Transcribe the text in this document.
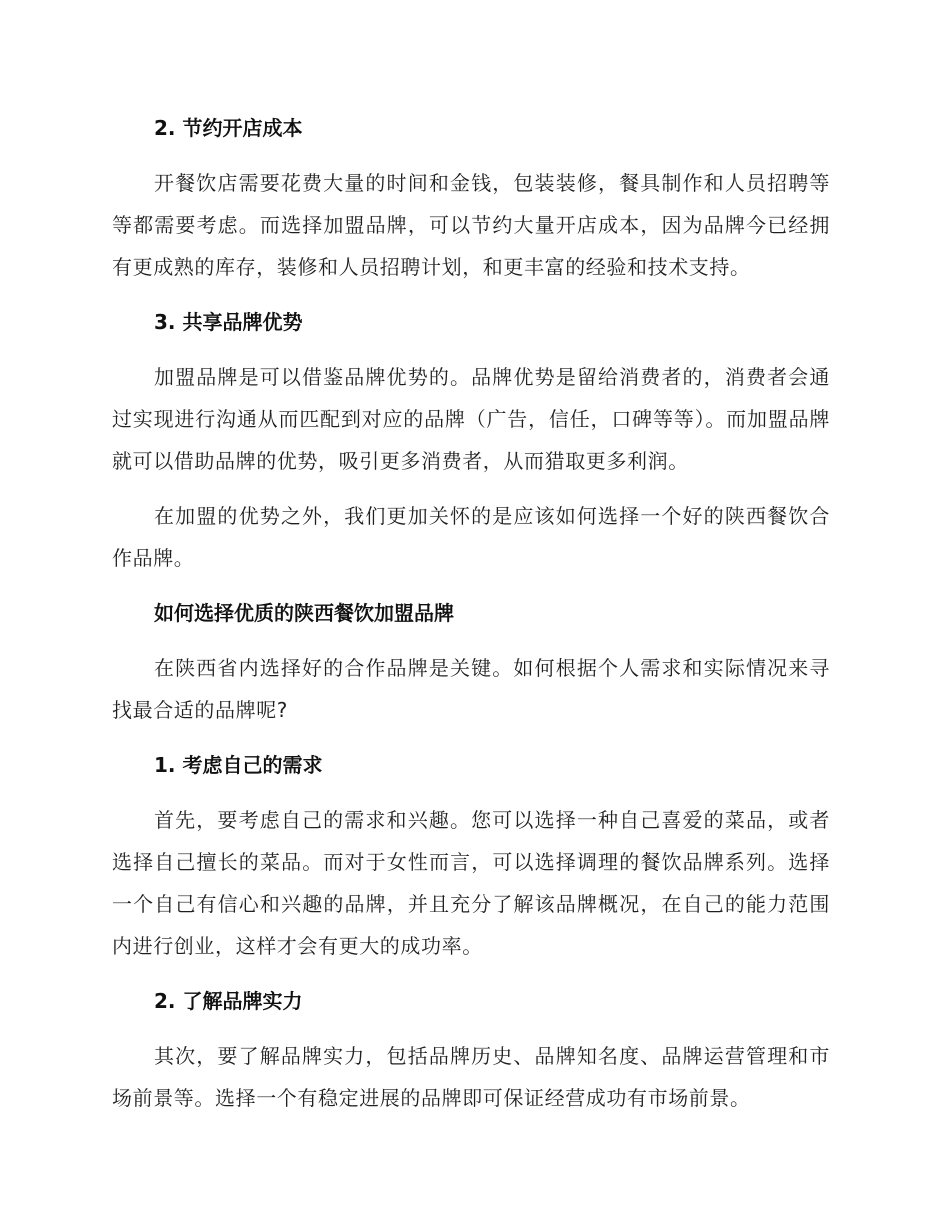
2. 节约开店成本
开餐饮店需要花费大量的时间和金钱，包装装修，餐具制作和人员招聘等等都需要考虑。而选择加盟品牌，可以节约大量开店成本，因为品牌今已经拥有更成熟的库存，装修和人员招聘计划，和更丰富的经验和技术支持。
3. 共享品牌优势
加盟品牌是可以借鉴品牌优势的。品牌优势是留给消费者的，消费者会通过实现进行沟通从而匹配到对应的品牌（广告，信任，口碑等等）。而加盟品牌就可以借助品牌的优势，吸引更多消费者，从而猎取更多利润。
在加盟的优势之外，我们更加关怀的是应该如何选择一个好的陕西餐饮合作品牌。
如何选择优质的陕西餐饮加盟品牌
在陕西省内选择好的合作品牌是关键。如何根据个人需求和实际情况来寻找最合适的品牌呢?
1. 考虑自己的需求
首先，要考虑自己的需求和兴趣。您可以选择一种自己喜爱的菜品，或者选择自己擅长的菜品。而对于女性而言，可以选择调理的餐饮品牌系列。选择一个自己有信心和兴趣的品牌，并且充分了解该品牌概况，在自己的能力范围内进行创业，这样才会有更大的成功率。
2. 了解品牌实力
其次，要了解品牌实力，包括品牌历史、品牌知名度、品牌运营管理和市场前景等。选择一个有稳定进展的品牌即可保证经营成功有市场前景。
